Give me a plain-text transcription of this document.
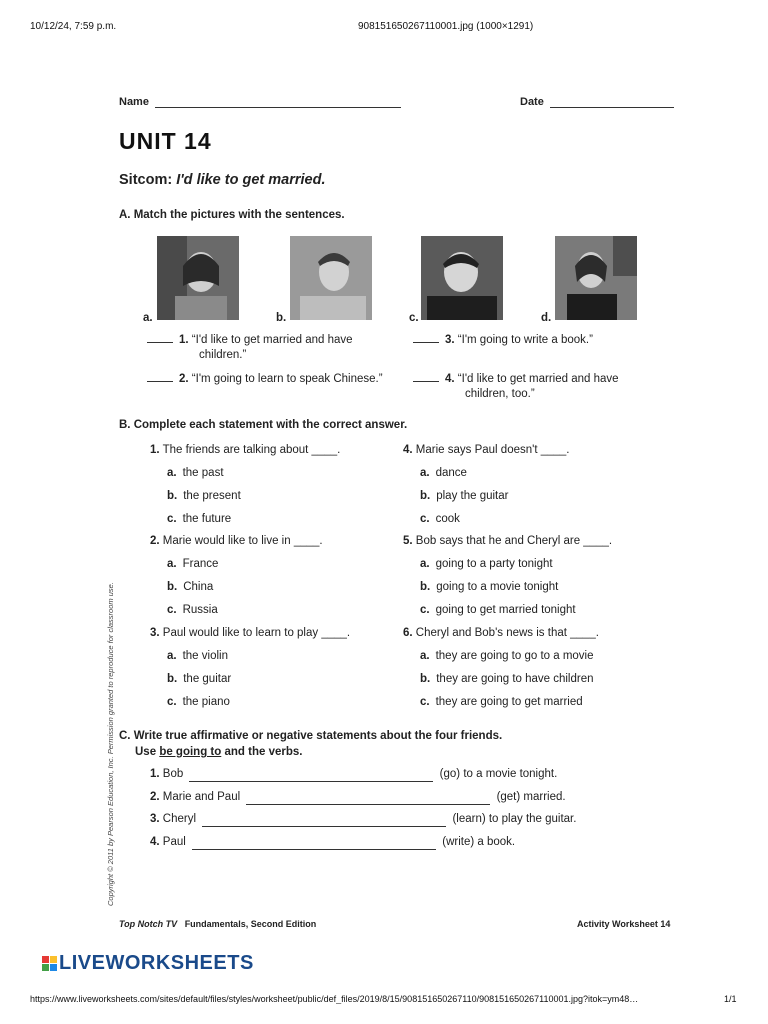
10/12/24, 7:59 p.m.	908151650267110001.jpg (1000×1291)
Name	Date
UNIT 14
Sitcom: I'd like to get married.
A. Match the pictures with the sentences.
a.	b.	c.	d.
1. “I'd like to get married and have
children.”
2. “I'm going to learn to speak Chinese.”
3. “I'm going to write a book.”
4. “I'd like to get married and have
children, too.”
B. Complete each statement with the correct answer.
1. The friends are talking about ____.
a. the past
b. the present
c. the future
2. Marie would like to live in ____.
a. France
b. China
c. Russia
3. Paul would like to learn to play ____.
a. the violin
b. the guitar
c. the piano
4. Marie says Paul doesn't ____.
a. dance
b. play the guitar
c. cook
5. Bob says that he and Cheryl are ____.
a. going to a party tonight
b. going to a movie tonight
c. going to get married tonight
6. Cheryl and Bob's news is that ____.
a. they are going to go to a movie
b. they are going to have children
c. they are going to get married
C. Write true affirmative or negative statements about the four friends.
Use be going to and the verbs.
1. Bob	(go) to a movie tonight.
2. Marie and Paul	(get) married.
3. Cheryl	(learn) to play the guitar.
4. Paul	(write) a book.
Copyright © 2011 by Pearson Education, Inc. Permission granted to reproduce for classroom use.
Top Notch TV Fundamentals, Second Edition	Activity Worksheet 14
LIVEWORKSHEETS
https://www.liveworksheets.com/sites/default/files/styles/worksheet/public/def_files/2019/8/15/908151650267110/908151650267110001.jpg?itok=ym48…	1/1
